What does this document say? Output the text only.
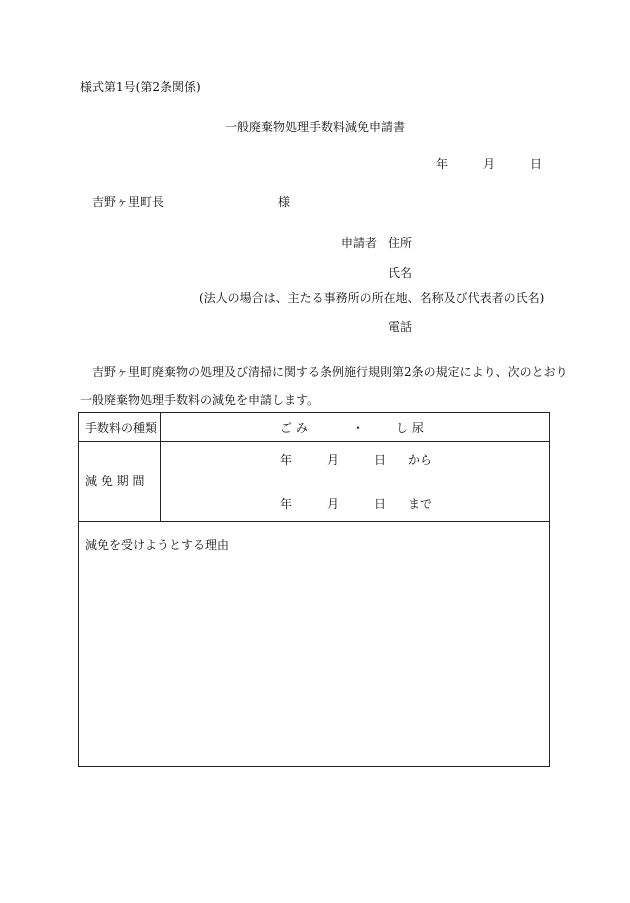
様式第1号(第2条関係)
一般廃棄物処理手数料減免申請書
年	月	日
吉野ヶ里町長	様
申請者 住所
氏名
(法人の場合は、主たる事務所の所在地、名称及び代表者の氏名)
電話
吉野ヶ里町廃棄物の処理及び清掃に関する条例施行規則第2条の規定により、次のとおり
一般廃棄物処理手数料の減免を申請します。
手数料の種類	ご み	・	し 尿
減 免 期 間
年	月	日 から
年	月	日 まで
減免を受けようとする理由
